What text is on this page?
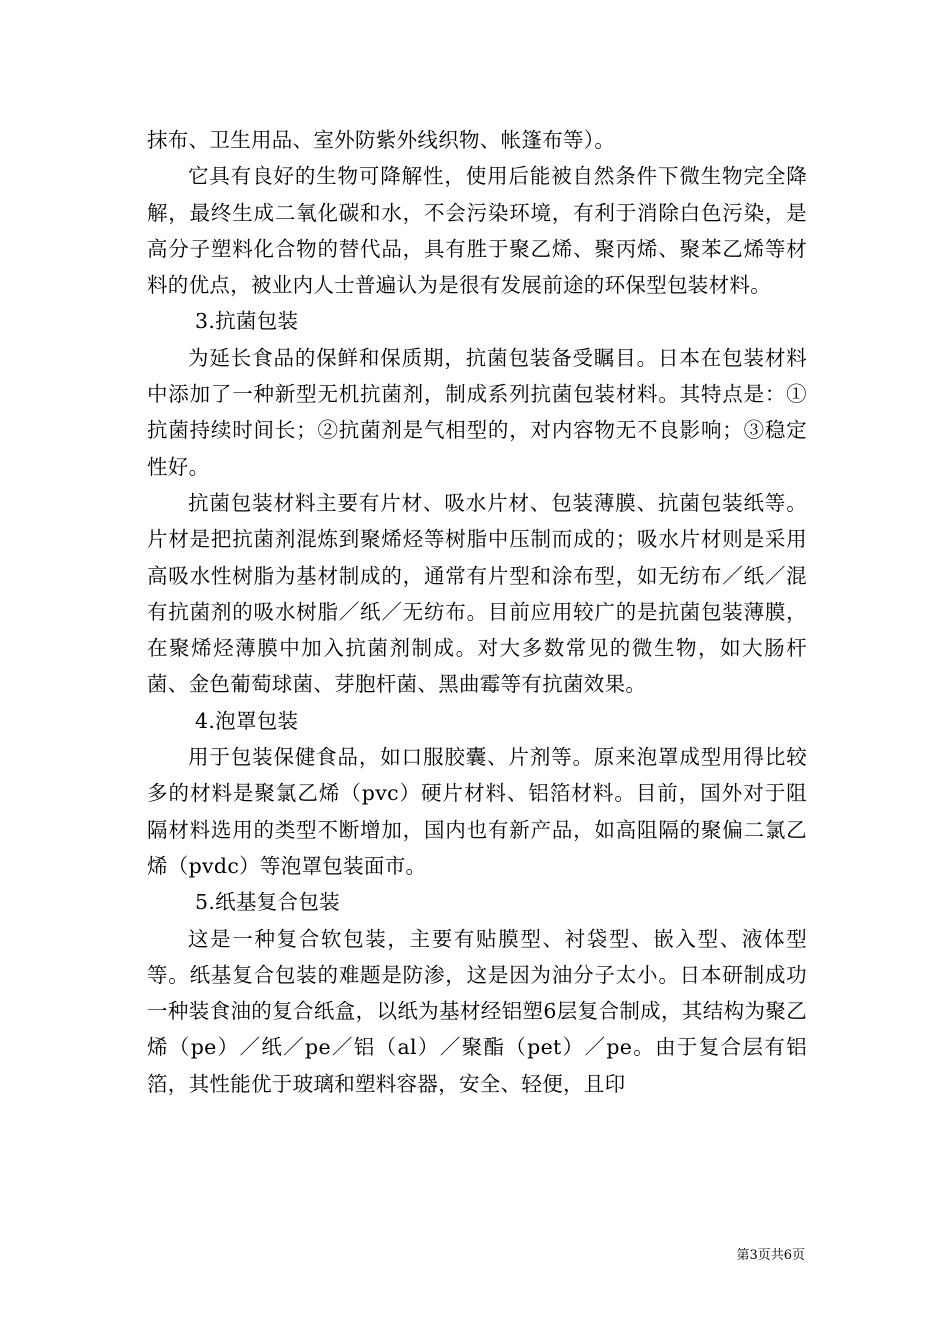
抹布、卫生用品、室外防紫外线织物、帐篷布等）。

它具有良好的生物可降解性，使用后能被自然条件下微生物完全降解，最终生成二氧化碳和水，不会污染环境，有利于消除白色污染，是高分子塑料化合物的替代品，具有胜于聚乙烯、聚丙烯、聚苯乙烯等材料的优点，被业内人士普遍认为是很有发展前途的环保型包装材料。

3.抗菌包装

为延长食品的保鲜和保质期，抗菌包装备受瞩目。日本在包装材料中添加了一种新型无机抗菌剂，制成系列抗菌包装材料。其特点是：①抗菌持续时间长；②抗菌剂是气相型的，对内容物无不良影响；③稳定性好。

抗菌包装材料主要有片材、吸水片材、包装薄膜、抗菌包装纸等。片材是把抗菌剂混炼到聚烯烃等树脂中压制而成的；吸水片材则是采用高吸水性树脂为基材制成的，通常有片型和涂布型，如无纺布／纸／混有抗菌剂的吸水树脂／纸／无纺布。目前应用较广的是抗菌包装薄膜，在聚烯烃薄膜中加入抗菌剂制成。对大多数常见的微生物，如大肠杆菌、金色葡萄球菌、芽胞杆菌、黑曲霉等有抗菌效果。

4.泡罩包装

用于包装保健食品，如口服胶囊、片剂等。原来泡罩成型用得比较多的材料是聚氯乙烯（pvc）硬片材料、铝箔材料。目前，国外对于阻隔材料选用的类型不断增加，国内也有新产品，如高阻隔的聚偏二氯乙烯（pvdc）等泡罩包装面市。

5.纸基复合包装

这是一种复合软包装，主要有贴膜型、衬袋型、嵌入型、液体型等。纸基复合包装的难题是防渗，这是因为油分子太小。日本研制成功一种装食油的复合纸盒，以纸为基材经铝塑6层复合制成，其结构为聚乙烯（pe）／纸／pe／铝（al）／聚酯（pet）／pe。由于复合层有铝箔，其性能优于玻璃和塑料容器，安全、轻便，且印

第3页共6页
